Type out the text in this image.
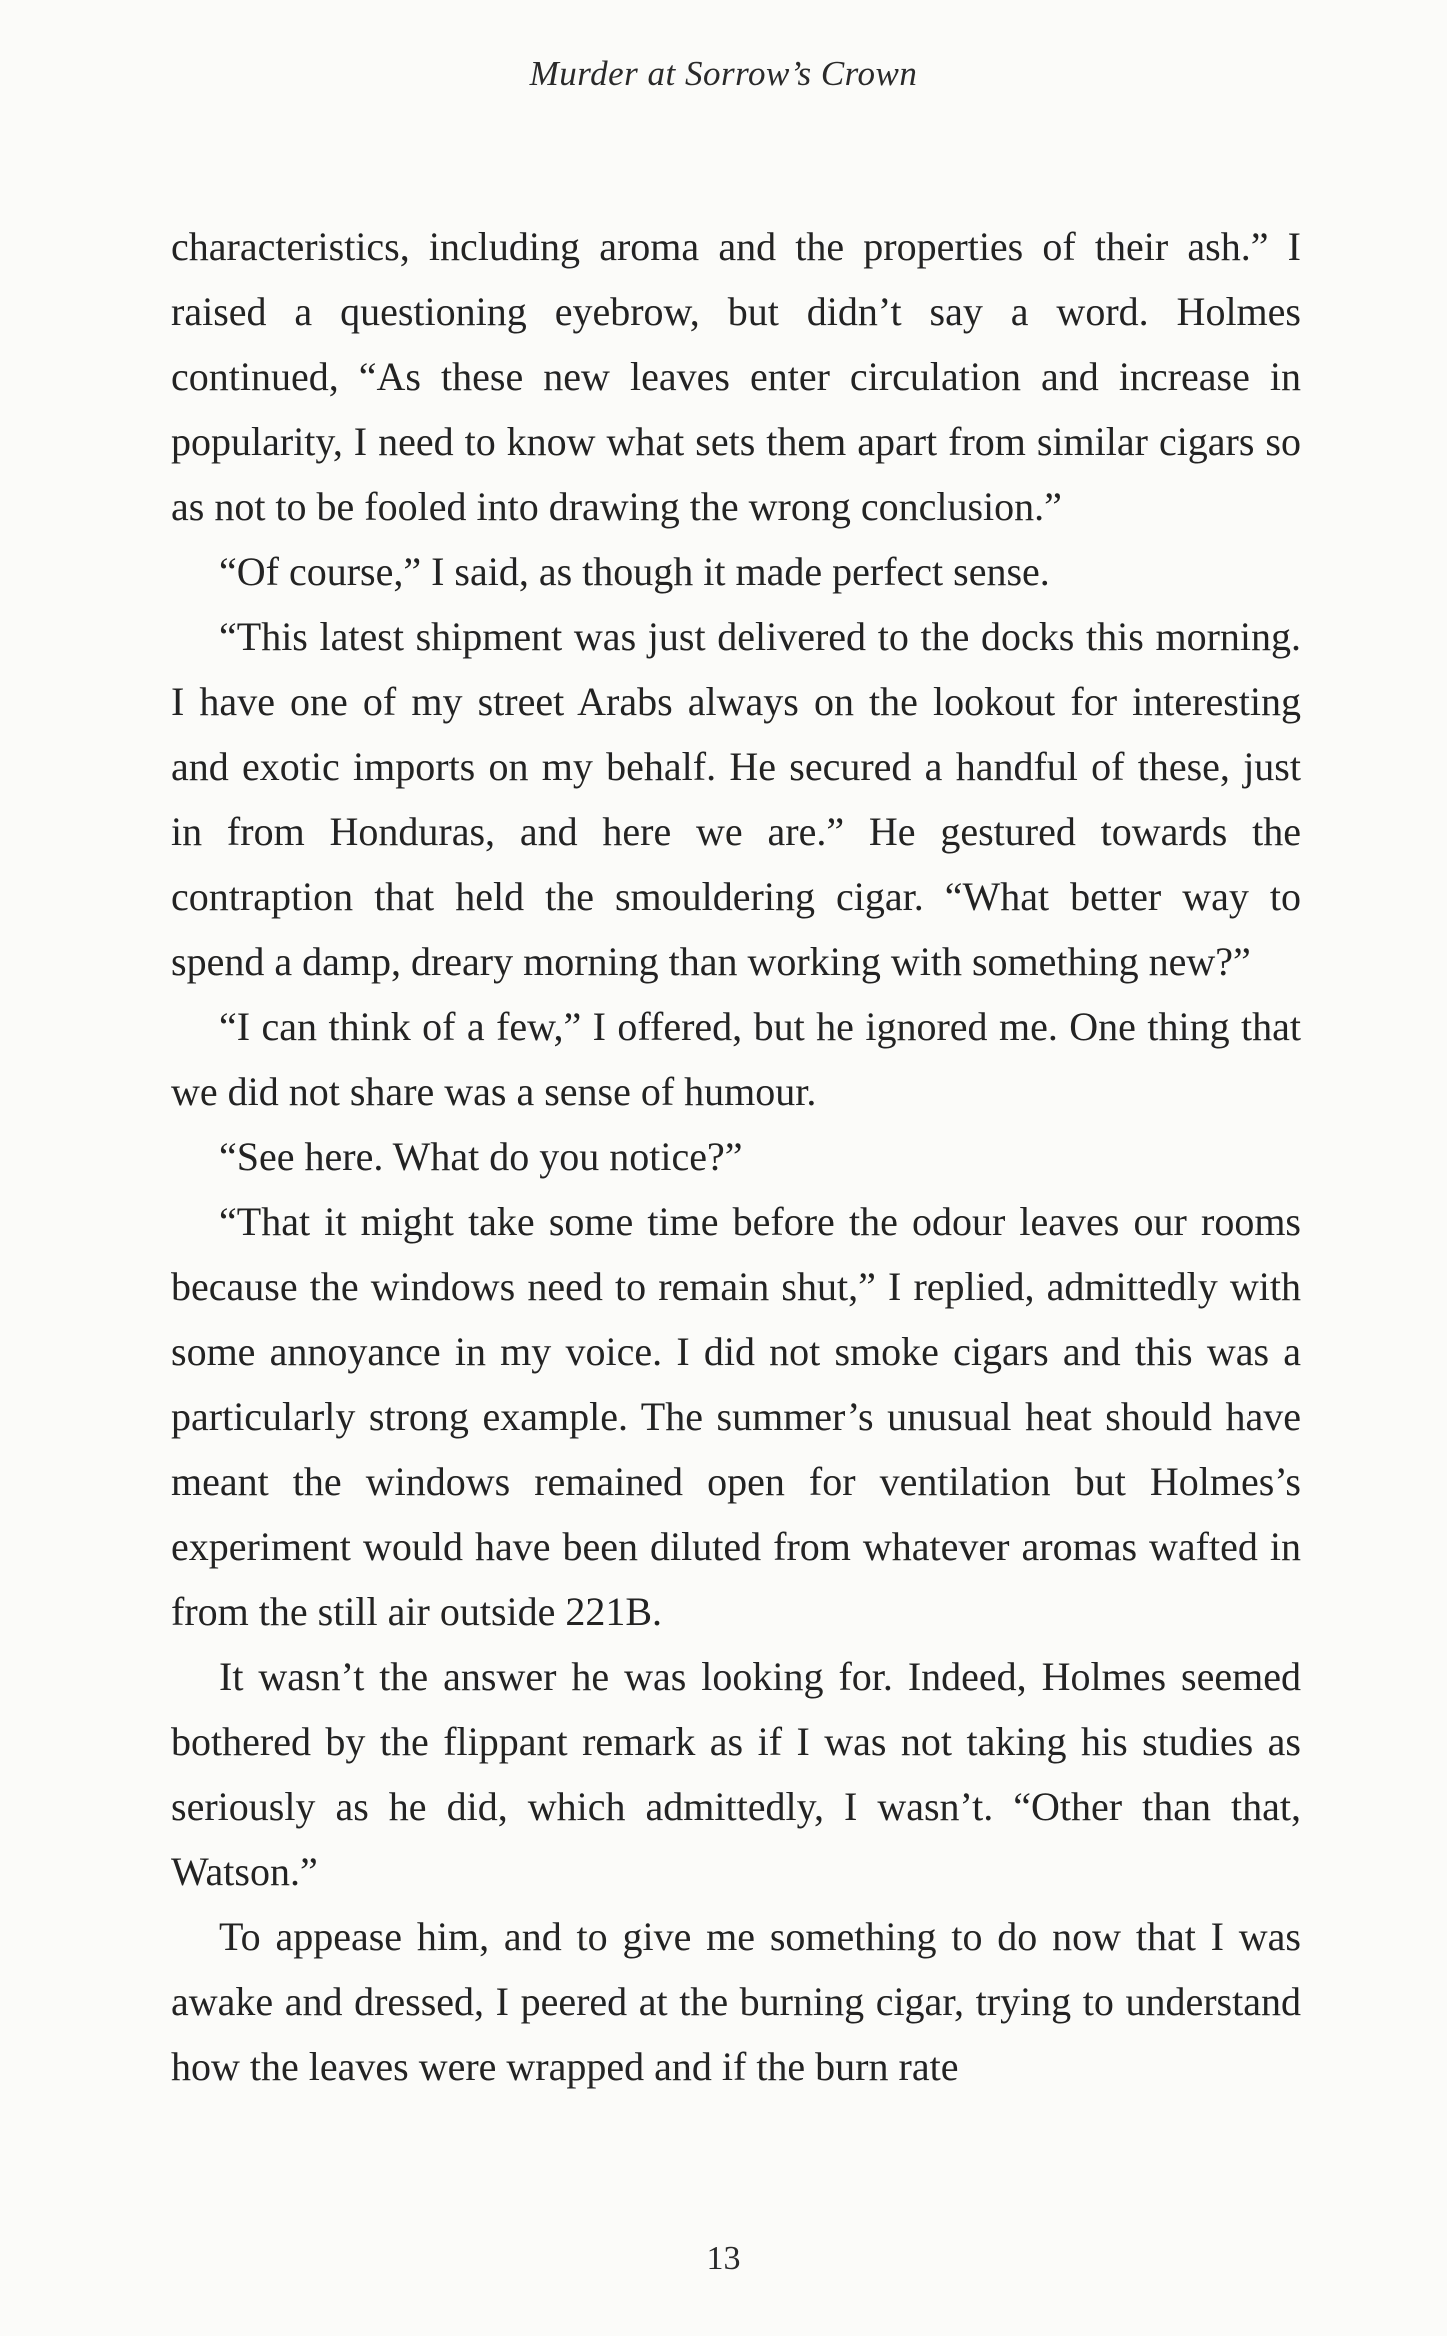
Murder at Sorrow’s Crown

characteristics, including aroma and the properties of their ash.” I raised a questioning eyebrow, but didn’t say a word. Holmes continued, “As these new leaves enter circulation and increase in popularity, I need to know what sets them apart from similar cigars so as not to be fooled into drawing the wrong conclusion.”

“Of course,” I said, as though it made perfect sense.

“This latest shipment was just delivered to the docks this morning. I have one of my street Arabs always on the lookout for interesting and exotic imports on my behalf. He secured a handful of these, just in from Honduras, and here we are.” He gestured towards the contraption that held the smouldering cigar. “What better way to spend a damp, dreary morning than working with something new?”

“I can think of a few,” I offered, but he ignored me. One thing that we did not share was a sense of humour.

“See here. What do you notice?”

“That it might take some time before the odour leaves our rooms because the windows need to remain shut,” I replied, admittedly with some annoyance in my voice. I did not smoke cigars and this was a particularly strong example. The summer’s unusual heat should have meant the windows remained open for ventilation but Holmes’s experiment would have been diluted from whatever aromas wafted in from the still air outside 221B.

It wasn’t the answer he was looking for. Indeed, Holmes seemed bothered by the flippant remark as if I was not taking his studies as seriously as he did, which admittedly, I wasn’t. “Other than that, Watson.”

To appease him, and to give me something to do now that I was awake and dressed, I peered at the burning cigar, trying to understand how the leaves were wrapped and if the burn rate

13
